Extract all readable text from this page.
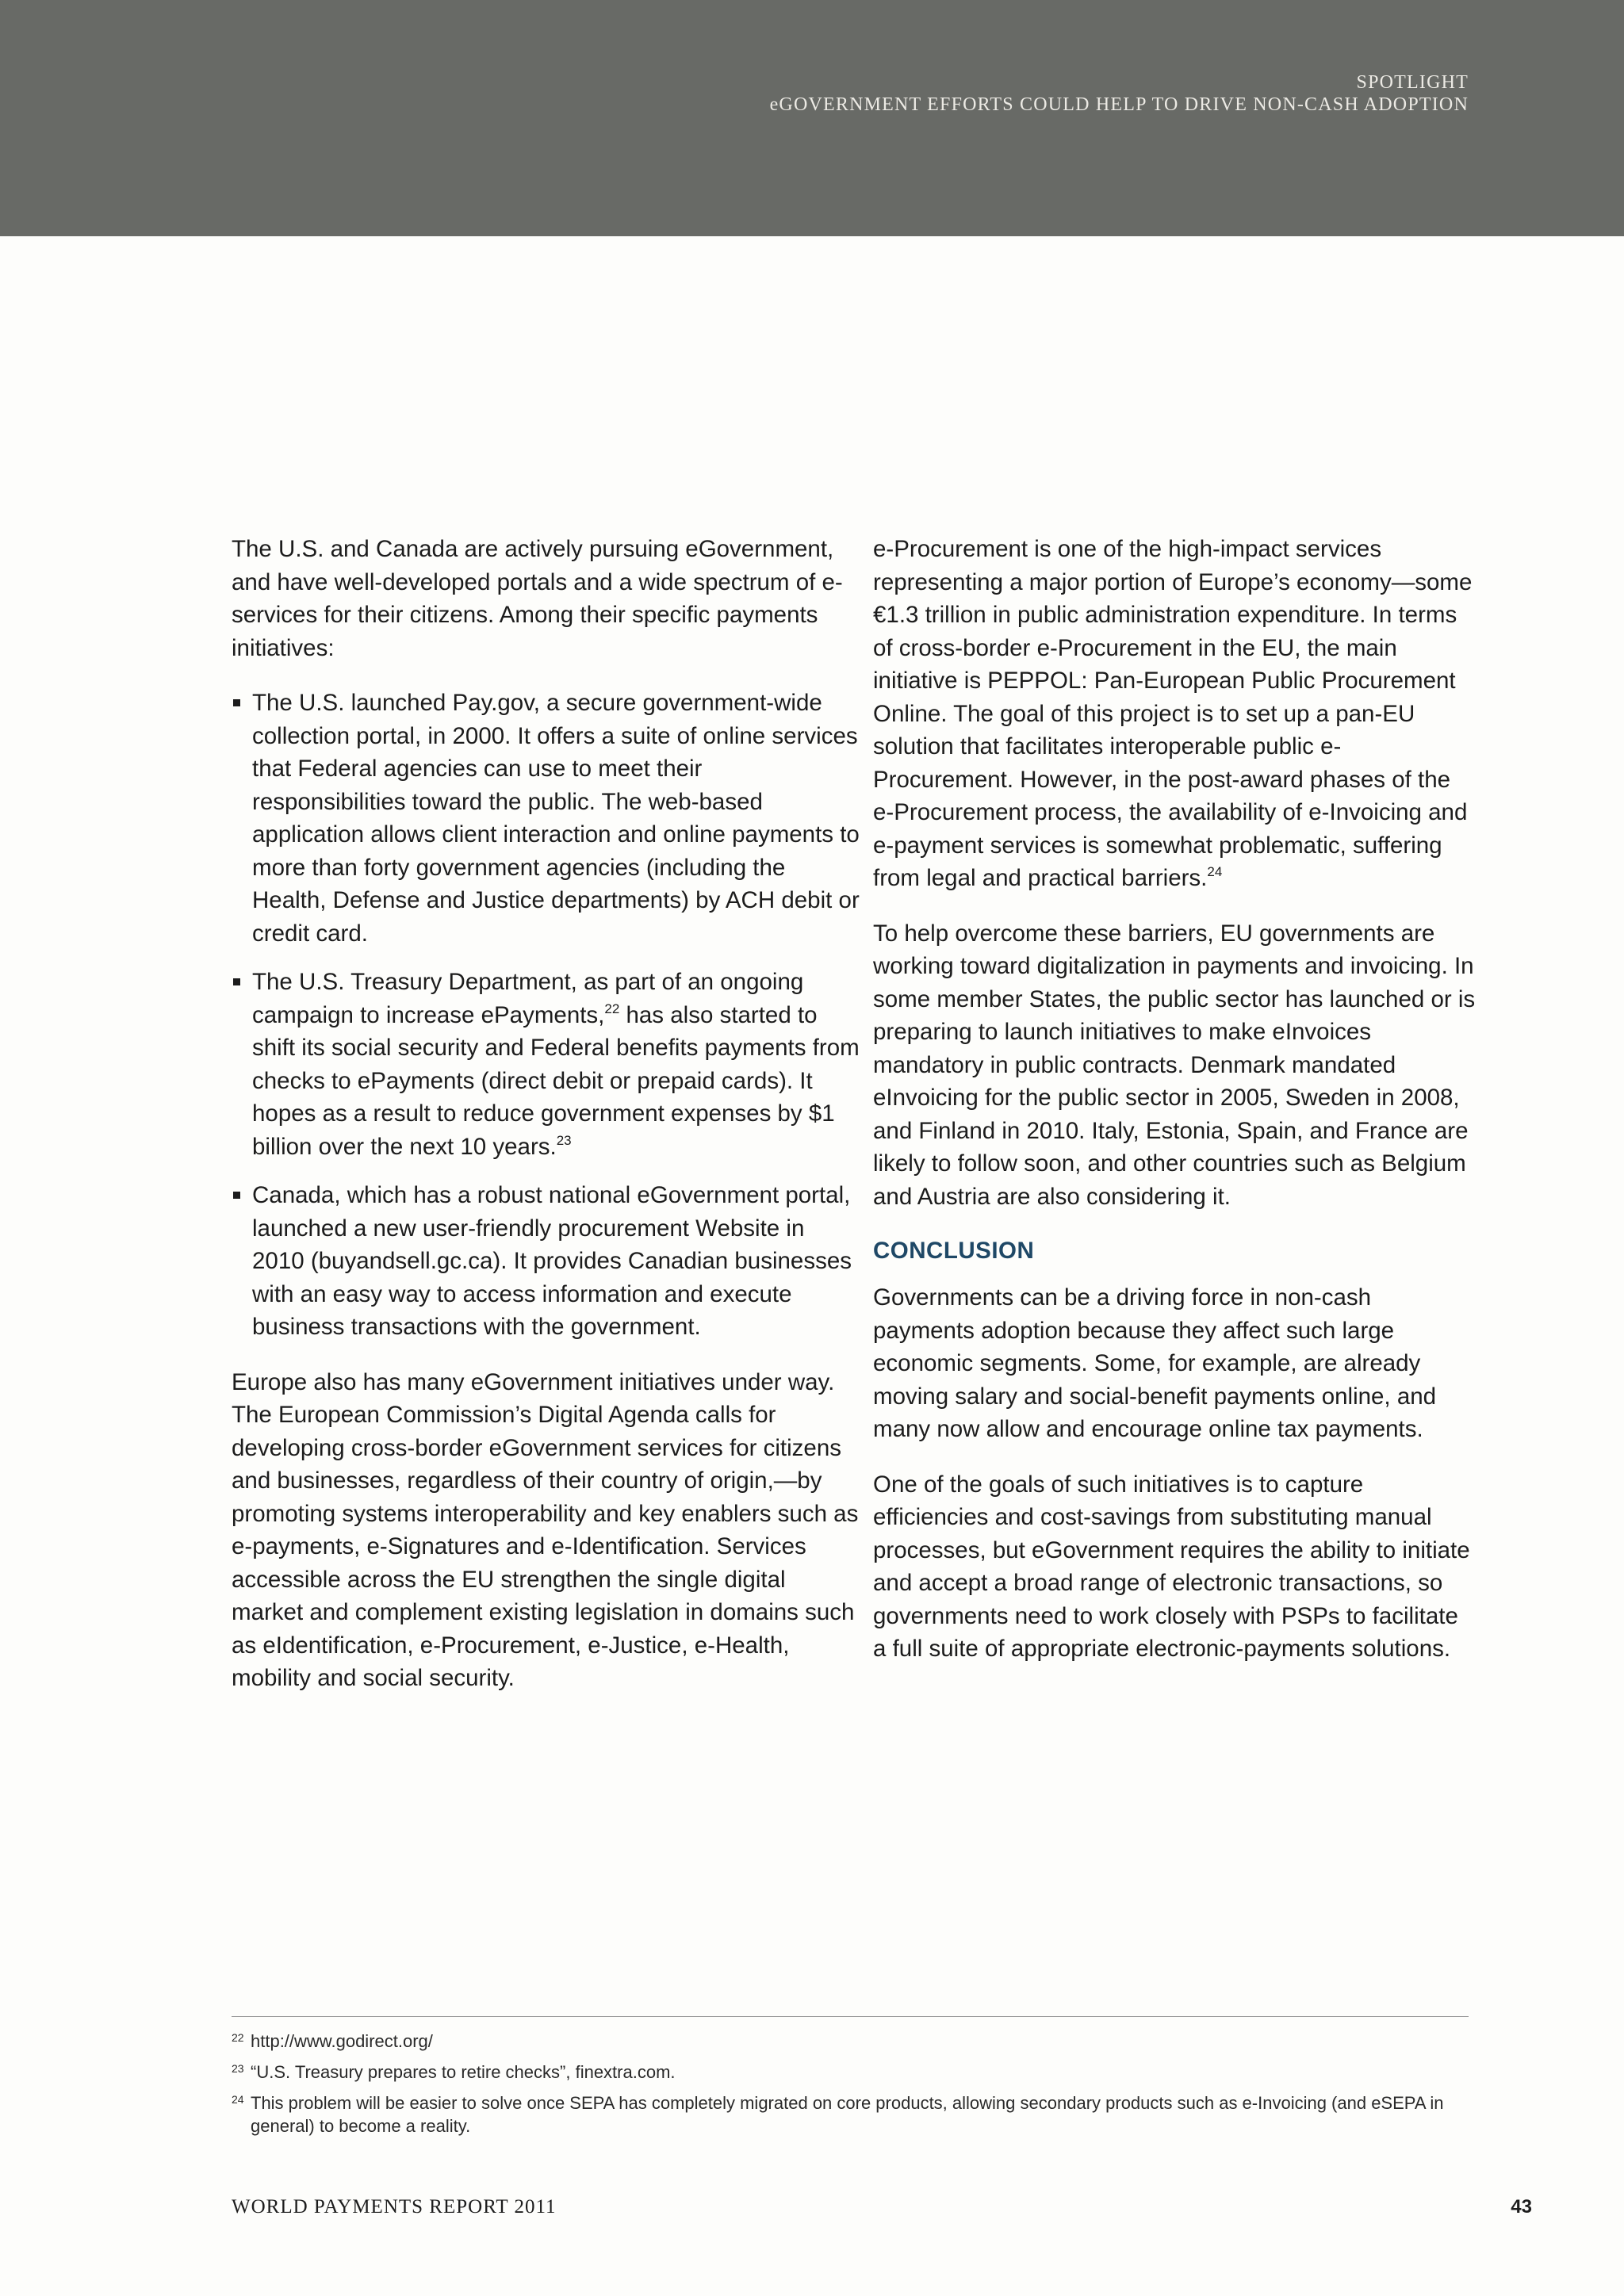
SPOTLIGHT
eGOVERNMENT EFFORTS COULD HELP TO DRIVE NON-CASH ADOPTION

The U.S. and Canada are actively pursuing eGovernment, and have well-developed portals and a wide spectrum of e-services for their citizens. Among their specific payments initiatives:

The U.S. launched Pay.gov, a secure government-wide collection portal, in 2000. It offers a suite of online services that Federal agencies can use to meet their responsibilities toward the public. The web-based application allows client interaction and online payments to more than forty government agencies (including the Health, Defense and Justice departments) by ACH debit or credit card.
The U.S. Treasury Department, as part of an ongoing campaign to increase ePayments,$^{22}$ has also started to shift its social security and Federal benefits payments from checks to ePayments (direct debit or prepaid cards). It hopes as a result to reduce government expenses by $1 billion over the next 10 years.$^{23}$
Canada, which has a robust national eGovernment portal, launched a new user-friendly procurement Website in 2010 (buyandsell.gc.ca). It provides Canadian businesses with an easy way to access information and execute business transactions with the government.

Europe also has many eGovernment initiatives under way. The European Commission’s Digital Agenda calls for developing cross-border eGovernment services for citizens and businesses, regardless of their country of origin,—by promoting systems interoperability and key enablers such as e-payments, e-Signatures and e-Identification. Services accessible across the EU strengthen the single digital market and complement existing legislation in domains such as eIdentification, e-Procurement, e-Justice, e-Health, mobility and social security.

e-Procurement is one of the high-impact services representing a major portion of Europe’s economy—some €1.3 trillion in public administration expenditure. In terms of cross-border e-Procurement in the EU, the main initiative is PEPPOL: Pan-European Public Procurement Online. The goal of this project is to set up a pan-EU solution that facilitates interoperable public e-Procurement. However, in the post-award phases of the e-Procurement process, the availability of e-Invoicing and e-payment services is somewhat problematic, suffering from legal and practical barriers.$^{24}$

To help overcome these barriers, EU governments are working toward digitalization in payments and invoicing. In some member States, the public sector has launched or is preparing to launch initiatives to make eInvoices mandatory in public contracts. Denmark mandated eInvoicing for the public sector in 2005, Sweden in 2008, and Finland in 2010. Italy, Estonia, Spain, and France are likely to follow soon, and other countries such as Belgium and Austria are also considering it.

CONCLUSION

Governments can be a driving force in non-cash payments adoption because they affect such large economic segments. Some, for example, are already moving salary and social-benefit payments online, and many now allow and encourage online tax payments.

One of the goals of such initiatives is to capture efficiencies and cost-savings from substituting manual processes, but eGovernment requires the ability to initiate and accept a broad range of electronic transactions, so governments need to work closely with PSPs to facilitate a full suite of appropriate electronic-payments solutions.

22 http://www.godirect.org/
23 “U.S. Treasury prepares to retire checks”, finextra.com.
24 This problem will be easier to solve once SEPA has completely migrated on core products, allowing secondary products such as e-Invoicing (and eSEPA in general) to become a reality.
WORLD PAYMENTS REPORT 2011	43
